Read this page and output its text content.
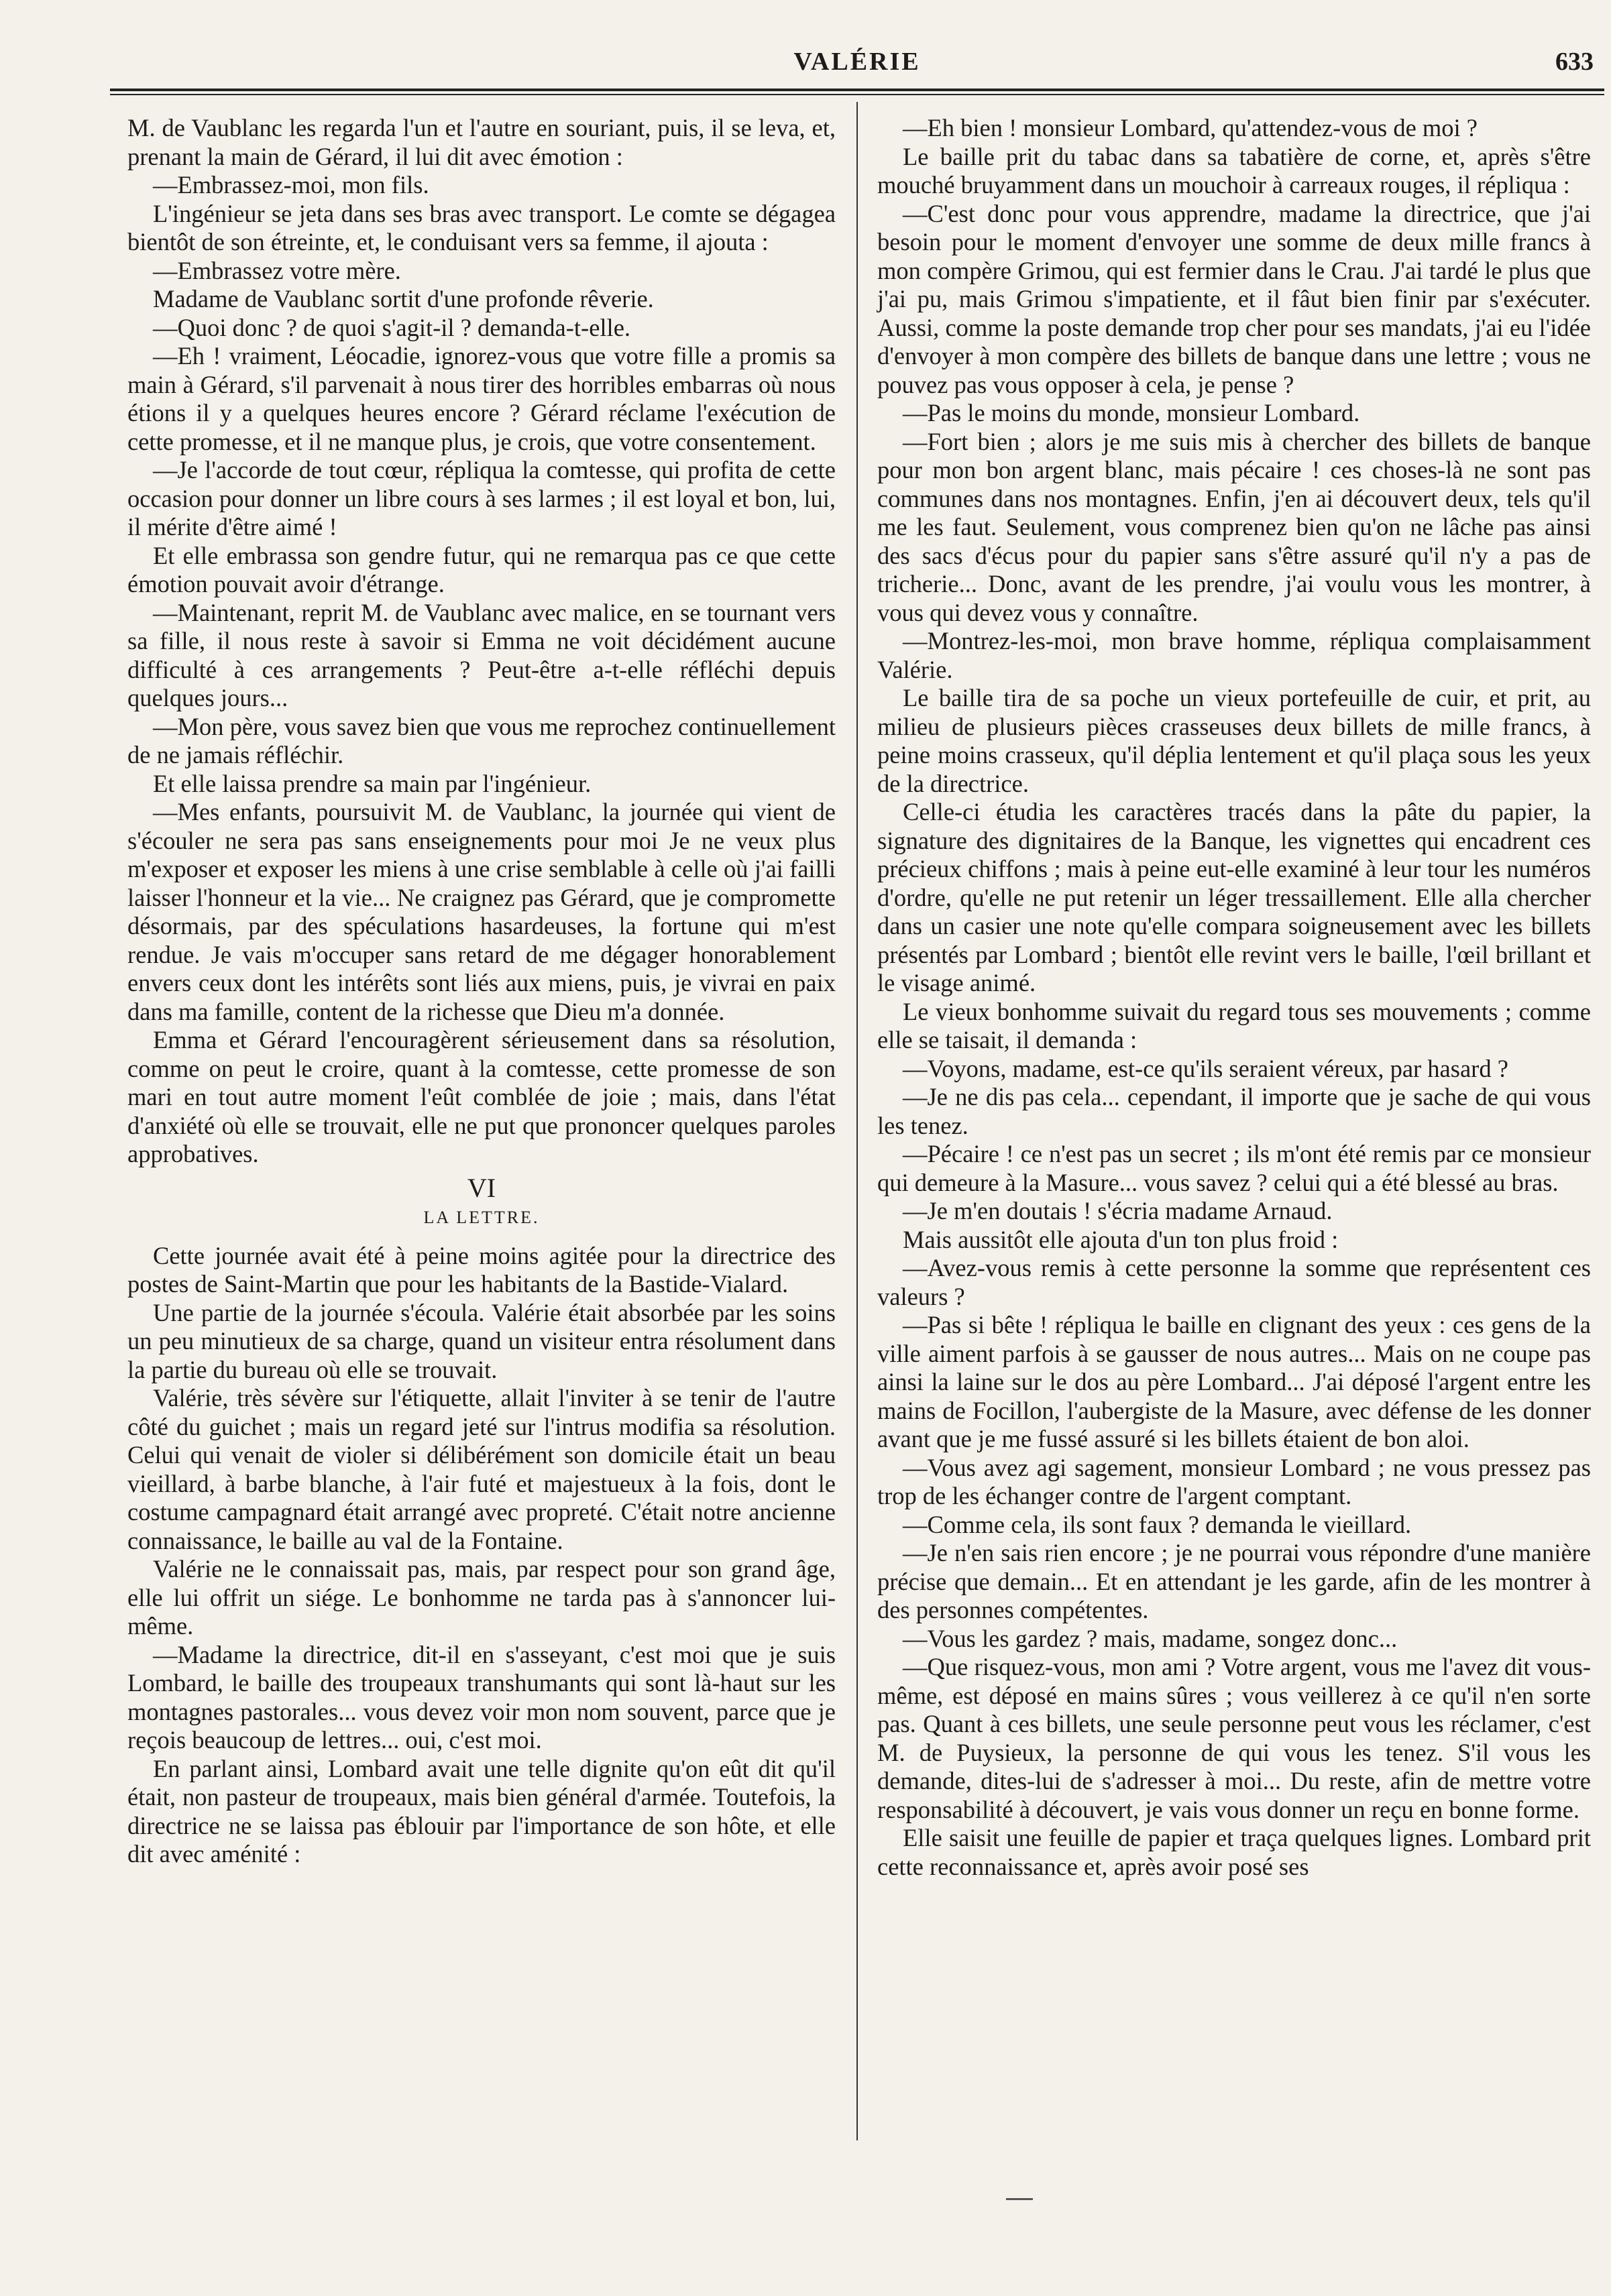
VALÉRIE	633

M. de Vaublanc les regarda l'un et l'autre en souriant, puis, il se leva, et, prenant la main de Gérard, il lui dit avec émotion :

—Embrassez-moi, mon fils.

L'ingénieur se jeta dans ses bras avec transport. Le comte se dégagea bientôt de son étreinte, et, le conduisant vers sa femme, il ajouta :

—Embrassez votre mère.

Madame de Vaublanc sortit d'une profonde rêverie.

—Quoi donc ? de quoi s'agit-il ? demanda-t-elle.

—Eh ! vraiment, Léocadie, ignorez-vous que votre fille a promis sa main à Gérard, s'il parvenait à nous tirer des horribles embarras où nous étions il y a quelques heures encore ? Gérard réclame l'exécution de cette promesse, et il ne manque plus, je crois, que votre consentement.

—Je l'accorde de tout cœur, répliqua la comtesse, qui profita de cette occasion pour donner un libre cours à ses larmes ; il est loyal et bon, lui, il mérite d'être aimé !

Et elle embrassa son gendre futur, qui ne remarqua pas ce que cette émotion pouvait avoir d'étrange.

—Maintenant, reprit M. de Vaublanc avec malice, en se tournant vers sa fille, il nous reste à savoir si Emma ne voit décidément aucune difficulté à ces arrangements ? Peut-être a-t-elle réfléchi depuis quelques jours...

—Mon père, vous savez bien que vous me reprochez continuellement de ne jamais réfléchir.

Et elle laissa prendre sa main par l'ingénieur.

—Mes enfants, poursuivit M. de Vaublanc, la journée qui vient de s'écouler ne sera pas sans enseignements pour moi Je ne veux plus m'exposer et exposer les miens à une crise semblable à celle où j'ai failli laisser l'honneur et la vie... Ne craignez pas Gérard, que je compromette désormais, par des spéculations hasardeuses, la fortune qui m'est rendue. Je vais m'occuper sans retard de me dégager honorablement envers ceux dont les intérêts sont liés aux miens, puis, je vivrai en paix dans ma famille, content de la richesse que Dieu m'a donnée.

Emma et Gérard l'encouragèrent sérieusement dans sa résolution, comme on peut le croire, quant à la comtesse, cette promesse de son mari en tout autre moment l'eût comblée de joie ; mais, dans l'état d'anxiété où elle se trouvait, elle ne put que prononcer quelques paroles approbatives.

VI
LA LETTRE.

Cette journée avait été à peine moins agitée pour la directrice des postes de Saint-Martin que pour les habitants de la Bastide-Vialard.

Une partie de la journée s'écoula. Valérie était absorbée par les soins un peu minutieux de sa charge, quand un visiteur entra résolument dans la partie du bureau où elle se trouvait.

Valérie, très sévère sur l'étiquette, allait l'inviter à se tenir de l'autre côté du guichet ; mais un regard jeté sur l'intrus modifia sa résolution. Celui qui venait de violer si délibérément son domicile était un beau vieillard, à barbe blanche, à l'air futé et majestueux à la fois, dont le costume campagnard était arrangé avec propreté. C'était notre ancienne connaissance, le baille au val de la Fontaine.

Valérie ne le connaissait pas, mais, par respect pour son grand âge, elle lui offrit un siége. Le bonhomme ne tarda pas à s'annoncer lui-même.

—Madame la directrice, dit-il en s'asseyant, c'est moi que je suis Lombard, le baille des troupeaux transhumants qui sont là-haut sur les montagnes pastorales... vous devez voir mon nom souvent, parce que je reçois beaucoup de lettres... oui, c'est moi.

En parlant ainsi, Lombard avait une telle dignite qu'on eût dit qu'il était, non pasteur de troupeaux, mais bien général d'armée. Toutefois, la directrice ne se laissa pas éblouir par l'importance de son hôte, et elle dit avec aménité :

—Eh bien ! monsieur Lombard, qu'attendez-vous de moi ?

Le baille prit du tabac dans sa tabatière de corne, et, après s'être mouché bruyamment dans un mouchoir à carreaux rouges, il répliqua :

—C'est donc pour vous apprendre, madame la directrice, que j'ai besoin pour le moment d'envoyer une somme de deux mille francs à mon compère Grimou, qui est fermier dans le Crau. J'ai tardé le plus que j'ai pu, mais Grimou s'impatiente, et il fâut bien finir par s'exécuter. Aussi, comme la poste demande trop cher pour ses mandats, j'ai eu l'idée d'envoyer à mon compère des billets de banque dans une lettre ; vous ne pouvez pas vous opposer à cela, je pense ?

—Pas le moins du monde, monsieur Lombard.

—Fort bien ; alors je me suis mis à chercher des billets de banque pour mon bon argent blanc, mais pécaire ! ces choses-là ne sont pas communes dans nos montagnes. Enfin, j'en ai découvert deux, tels qu'il me les faut. Seulement, vous comprenez bien qu'on ne lâche pas ainsi des sacs d'écus pour du papier sans s'être assuré qu'il n'y a pas de tricherie... Donc, avant de les prendre, j'ai voulu vous les montrer, à vous qui devez vous y connaître.

—Montrez-les-moi, mon brave homme, répliqua complaisamment Valérie.

Le baille tira de sa poche un vieux portefeuille de cuir, et prit, au milieu de plusieurs pièces crasseuses deux billets de mille francs, à peine moins crasseux, qu'il déplia lentement et qu'il plaça sous les yeux de la directrice.

Celle-ci étudia les caractères tracés dans la pâte du papier, la signature des dignitaires de la Banque, les vignettes qui encadrent ces précieux chiffons ; mais à peine eut-elle examiné à leur tour les numéros d'ordre, qu'elle ne put retenir un léger tressaillement. Elle alla chercher dans un casier une note qu'elle compara soigneusement avec les billets présentés par Lombard ; bientôt elle revint vers le baille, l'œil brillant et le visage animé.

Le vieux bonhomme suivait du regard tous ses mouvements ; comme elle se taisait, il demanda :

—Voyons, madame, est-ce qu'ils seraient véreux, par hasard ?

—Je ne dis pas cela... cependant, il importe que je sache de qui vous les tenez.

—Pécaire ! ce n'est pas un secret ; ils m'ont été remis par ce monsieur qui demeure à la Masure... vous savez ? celui qui a été blessé au bras.

—Je m'en doutais ! s'écria madame Arnaud.

Mais aussitôt elle ajouta d'un ton plus froid :

—Avez-vous remis à cette personne la somme que représentent ces valeurs ?

—Pas si bête ! répliqua le baille en clignant des yeux : ces gens de la ville aiment parfois à se gausser de nous autres... Mais on ne coupe pas ainsi la laine sur le dos au père Lombard... J'ai déposé l'argent entre les mains de Focillon, l'aubergiste de la Masure, avec défense de les donner avant que je me fussé assuré si les billets étaient de bon aloi.

—Vous avez agi sagement, monsieur Lombard ; ne vous pressez pas trop de les échanger contre de l'argent comptant.

—Comme cela, ils sont faux ? demanda le vieillard.

—Je n'en sais rien encore ; je ne pourrai vous répondre d'une manière précise que demain... Et en attendant je les garde, afin de les montrer à des personnes compétentes.

—Vous les gardez ? mais, madame, songez donc...

—Que risquez-vous, mon ami ? Votre argent, vous me l'avez dit vous-même, est déposé en mains sûres ; vous veillerez à ce qu'il n'en sorte pas. Quant à ces billets, une seule personne peut vous les réclamer, c'est M. de Puysieux, la personne de qui vous les tenez. S'il vous les demande, dites-lui de s'adresser à moi... Du reste, afin de mettre votre responsabilité à découvert, je vais vous donner un reçu en bonne forme.

Elle saisit une feuille de papier et traça quelques lignes. Lombard prit cette reconnaissance et, après avoir posé ses
